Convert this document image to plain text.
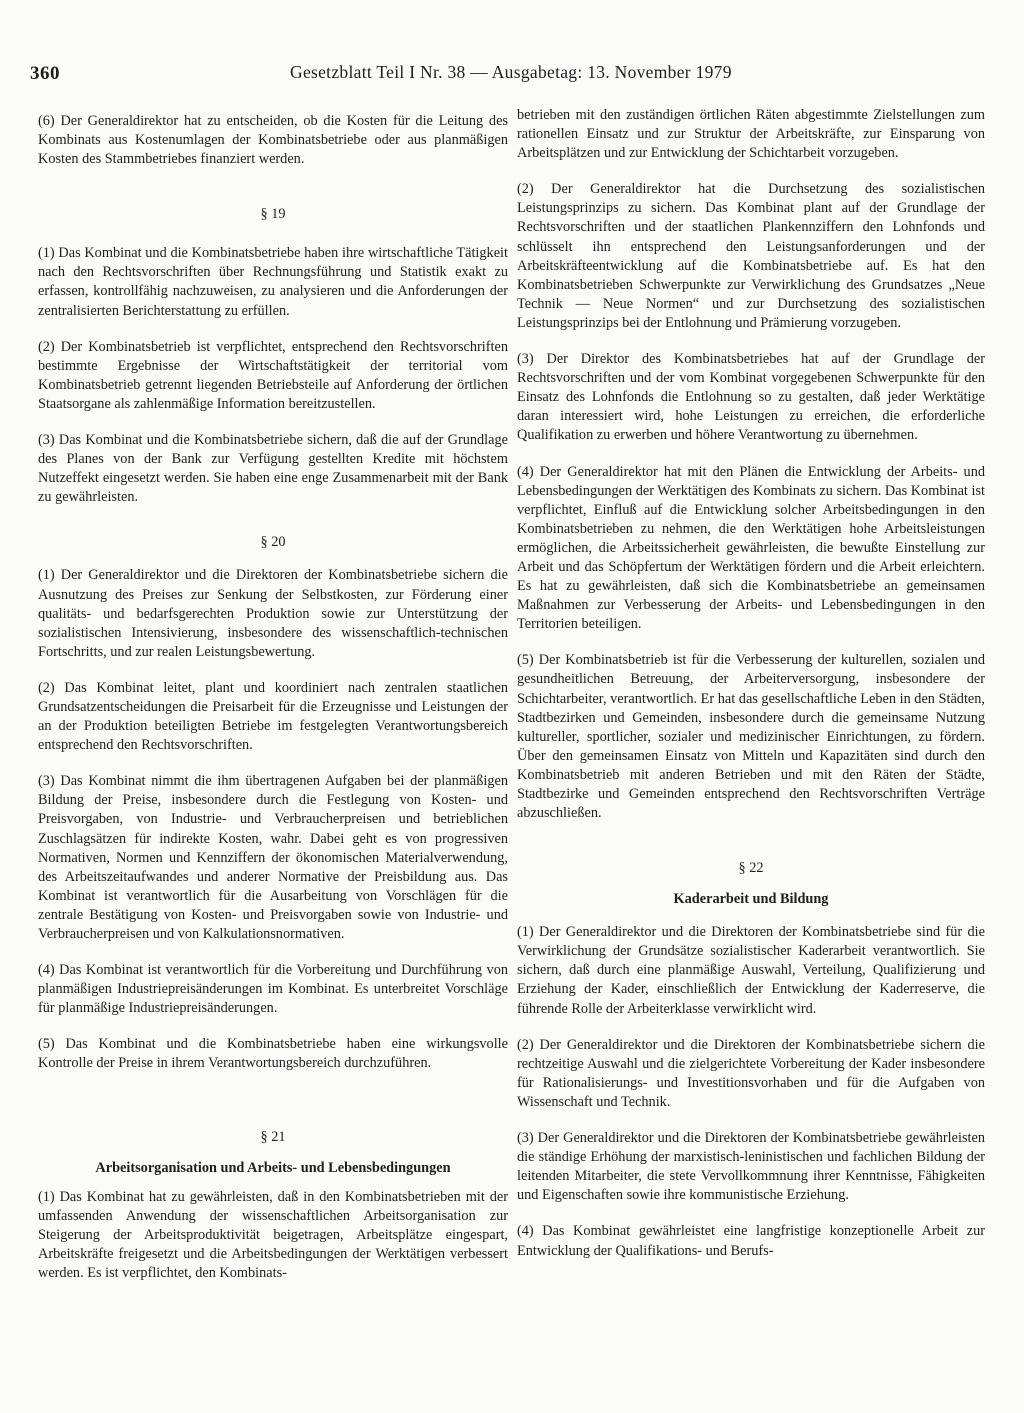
360	Gesetzblatt Teil I Nr. 38 — Ausgabetag: 13. November 1979

(6) Der Generaldirektor hat zu entscheiden, ob die Kosten für die Leitung des Kombinats aus Kostenumlagen der Kombinatsbetriebe oder aus planmäßigen Kosten des Stammbetriebes finanziert werden.

§ 19

(1) Das Kombinat und die Kombinatsbetriebe haben ihre wirtschaftliche Tätigkeit nach den Rechtsvorschriften über Rechnungsführung und Statistik exakt zu erfassen, kontrollfähig nachzuweisen, zu analysieren und die Anforderungen der zentralisierten Berichterstattung zu erfüllen.

(2) Der Kombinatsbetrieb ist verpflichtet, entsprechend den Rechtsvorschriften bestimmte Ergebnisse der Wirtschaftstätigkeit der territorial vom Kombinatsbetrieb getrennt liegenden Betriebsteile auf Anforderung der örtlichen Staatsorgane als zahlenmäßige Information bereitzustellen.

(3) Das Kombinat und die Kombinatsbetriebe sichern, daß die auf der Grundlage des Planes von der Bank zur Verfügung gestellten Kredite mit höchstem Nutzeffekt eingesetzt werden. Sie haben eine enge Zusammenarbeit mit der Bank zu gewährleisten.

§ 20

(1) Der Generaldirektor und die Direktoren der Kombinatsbetriebe sichern die Ausnutzung des Preises zur Senkung der Selbstkosten, zur Förderung einer qualitäts- und bedarfsgerechten Produktion sowie zur Unterstützung der sozialistischen Intensivierung, insbesondere des wissenschaftlich-technischen Fortschritts, und zur realen Leistungsbewertung.

(2) Das Kombinat leitet, plant und koordiniert nach zentralen staatlichen Grundsatzentscheidungen die Preisarbeit für die Erzeugnisse und Leistungen der an der Produktion beteiligten Betriebe im festgelegten Verantwortungsbereich entsprechend den Rechtsvorschriften.

(3) Das Kombinat nimmt die ihm übertragenen Aufgaben bei der planmäßigen Bildung der Preise, insbesondere durch die Festlegung von Kosten- und Preisvorgaben, von Industrie- und Verbraucherpreisen und betrieblichen Zuschlagsätzen für indirekte Kosten, wahr. Dabei geht es von progressiven Normativen, Normen und Kennziffern der ökonomischen Materialverwendung, des Arbeitszeitaufwandes und anderer Normative der Preisbildung aus. Das Kombinat ist verantwortlich für die Ausarbeitung von Vorschlägen für die zentrale Bestätigung von Kosten- und Preisvorgaben sowie von Industrie- und Verbraucherpreisen und von Kalkulationsnormativen.

(4) Das Kombinat ist verantwortlich für die Vorbereitung und Durchführung von planmäßigen Industriepreisänderungen im Kombinat. Es unterbreitet Vorschläge für planmäßige Industriepreisänderungen.

(5) Das Kombinat und die Kombinatsbetriebe haben eine wirkungsvolle Kontrolle der Preise in ihrem Verantwortungsbereich durchzuführen.

§ 21

Arbeitsorganisation und Arbeits- und Lebensbedingungen

(1) Das Kombinat hat zu gewährleisten, daß in den Kombinatsbetrieben mit der umfassenden Anwendung der wissenschaftlichen Arbeitsorganisation zur Steigerung der Arbeitsproduktivität beigetragen, Arbeitsplätze eingespart, Arbeitskräfte freigesetzt und die Arbeitsbedingungen der Werktätigen verbessert werden. Es ist verpflichtet, den Kombinats-

betrieben mit den zuständigen örtlichen Räten abgestimmte Zielstellungen zum rationellen Einsatz und zur Struktur der Arbeitskräfte, zur Einsparung von Arbeitsplätzen und zur Entwicklung der Schichtarbeit vorzugeben.

(2) Der Generaldirektor hat die Durchsetzung des sozialistischen Leistungsprinzips zu sichern. Das Kombinat plant auf der Grundlage der Rechtsvorschriften und der staatlichen Plankennziffern den Lohnfonds und schlüsselt ihn entsprechend den Leistungsanforderungen und der Arbeitskräfteentwicklung auf die Kombinatsbetriebe auf. Es hat den Kombinatsbetrieben Schwerpunkte zur Verwirklichung des Grundsatzes „Neue Technik — Neue Normen“ und zur Durchsetzung des sozialistischen Leistungsprinzips bei der Entlohnung und Prämierung vorzugeben.

(3) Der Direktor des Kombinatsbetriebes hat auf der Grundlage der Rechtsvorschriften und der vom Kombinat vorgegebenen Schwerpunkte für den Einsatz des Lohnfonds die Entlohnung so zu gestalten, daß jeder Werktätige daran interessiert wird, hohe Leistungen zu erreichen, die erforderliche Qualifikation zu erwerben und höhere Verantwortung zu übernehmen.

(4) Der Generaldirektor hat mit den Plänen die Entwicklung der Arbeits- und Lebensbedingungen der Werktätigen des Kombinats zu sichern. Das Kombinat ist verpflichtet, Einfluß auf die Entwicklung solcher Arbeitsbedingungen in den Kombinatsbetrieben zu nehmen, die den Werktätigen hohe Arbeitsleistungen ermöglichen, die Arbeitssicherheit gewährleisten, die bewußte Einstellung zur Arbeit und das Schöpfertum der Werktätigen fördern und die Arbeit erleichtern. Es hat zu gewährleisten, daß sich die Kombinatsbetriebe an gemeinsamen Maßnahmen zur Verbesserung der Arbeits- und Lebensbedingungen in den Territorien beteiligen.

(5) Der Kombinatsbetrieb ist für die Verbesserung der kulturellen, sozialen und gesundheitlichen Betreuung, der Arbeiterversorgung, insbesondere der Schichtarbeiter, verantwortlich. Er hat das gesellschaftliche Leben in den Städten, Stadtbezirken und Gemeinden, insbesondere durch die gemeinsame Nutzung kultureller, sportlicher, sozialer und medizinischer Einrichtungen, zu fördern. Über den gemeinsamen Einsatz von Mitteln und Kapazitäten sind durch den Kombinatsbetrieb mit anderen Betrieben und mit den Räten der Städte, Stadtbezirke und Gemeinden entsprechend den Rechtsvorschriften Verträge abzuschließen.

§ 22

Kaderarbeit und Bildung

(1) Der Generaldirektor und die Direktoren der Kombinatsbetriebe sind für die Verwirklichung der Grundsätze sozialistischer Kaderarbeit verantwortlich. Sie sichern, daß durch eine planmäßige Auswahl, Verteilung, Qualifizierung und Erziehung der Kader, einschließlich der Entwicklung der Kaderreserve, die führende Rolle der Arbeiterklasse verwirklicht wird.

(2) Der Generaldirektor und die Direktoren der Kombinatsbetriebe sichern die rechtzeitige Auswahl und die zielgerichtete Vorbereitung der Kader insbesondere für Rationalisierungs- und Investitionsvorhaben und für die Aufgaben von Wissenschaft und Technik.

(3) Der Generaldirektor und die Direktoren der Kombinatsbetriebe gewährleisten die ständige Erhöhung der marxistisch-leninistischen und fachlichen Bildung der leitenden Mitarbeiter, die stete Vervollkommnung ihrer Kenntnisse, Fähigkeiten und Eigenschaften sowie ihre kommunistische Erziehung.

(4) Das Kombinat gewährleistet eine langfristige konzeptionelle Arbeit zur Entwicklung der Qualifikations- und Berufs-
